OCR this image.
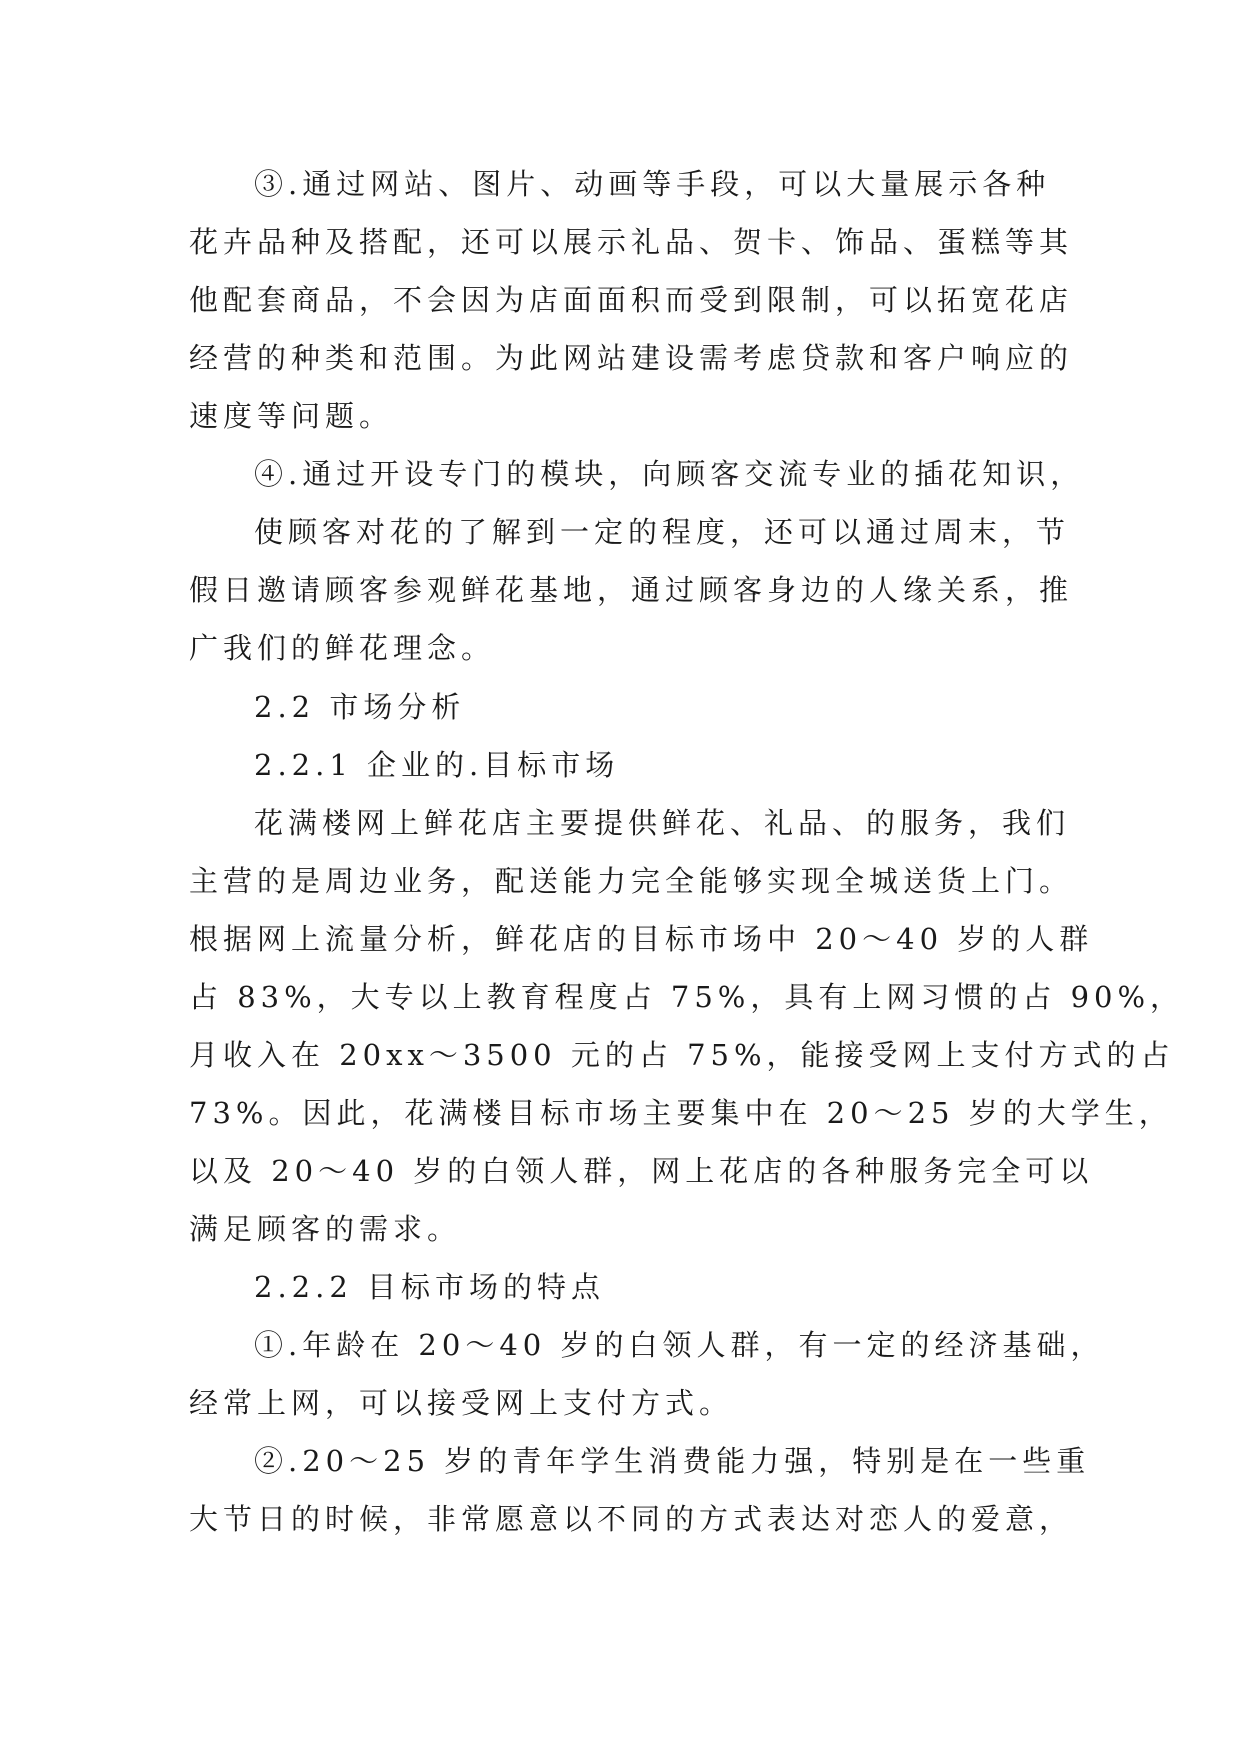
③.通过网站、图片、动画等手段，可以大量展示各种
花卉品种及搭配，还可以展示礼品、贺卡、饰品、蛋糕等其
他配套商品，不会因为店面面积而受到限制，可以拓宽花店
经营的种类和范围。为此网站建设需考虑贷款和客户响应的
速度等问题。
④.通过开设专门的模块，向顾客交流专业的插花知识，
使顾客对花的了解到一定的程度，还可以通过周末，节
假日邀请顾客参观鲜花基地，通过顾客身边的人缘关系，推
广我们的鲜花理念。
2.2 市场分析
2.2.1 企业的.目标市场
花满楼网上鲜花店主要提供鲜花、礼品、的服务，我们
主营的是周边业务，配送能力完全能够实现全城送货上门。
根据网上流量分析，鲜花店的目标市场中 20～40 岁的人群
占 83%，大专以上教育程度占 75%，具有上网习惯的占 90%，
月收入在 20xx～3500 元的占 75%，能接受网上支付方式的占
73%。因此，花满楼目标市场主要集中在 20～25 岁的大学生，
以及 20～40 岁的白领人群，网上花店的各种服务完全可以
满足顾客的需求。
2.2.2 目标市场的特点
①.年龄在 20～40 岁的白领人群，有一定的经济基础，
经常上网，可以接受网上支付方式。
②.20～25 岁的青年学生消费能力强，特别是在一些重
大节日的时候，非常愿意以不同的方式表达对恋人的爱意，
